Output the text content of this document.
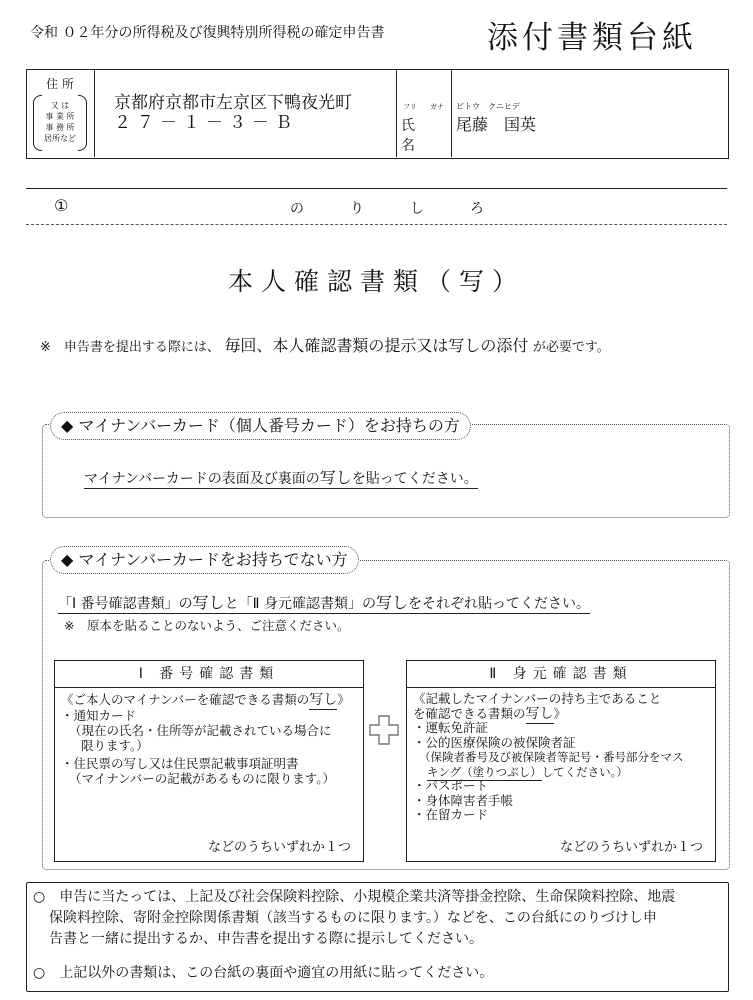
令和 ０２年分の所得税及び復興特別所得税の確定申告書	添付書類台紙
住 所
又 は
事 業 所
事 務 所
居所など
京都府京都市左京区下鴨夜光町
２７－１－３－Ｂ
フリ ガナ
氏 名
ビトウ　クニヒデ
尾藤　国英
①	のりしろ
本人確認書類（写）
※　申告書を提出する際には、 毎回、本人確認書類の提示又は写しの添付 が必要です。
◆ マイナンバーカード（個人番号カード）をお持ちの方
マイナンバーカードの表面及び裏面の写しを貼ってください。
◆ マイナンバーカードをお持ちでない方
「Ⅰ 番号確認書類」の写しと「Ⅱ 身元確認書類」の写しをそれぞれ貼ってください。
※　原本を貼ることのないよう、ご注意ください。
Ⅰ 番号確認書類
《ご本人のマイナンバーを確認できる書類の写し》
・通知カード
（現在の氏名・住所等が記載されている場合に
限ります。）
・住民票の写し又は住民票記載事項証明書
（マイナンバーの記載があるものに限ります。）
などのうちいずれか１つ
Ⅱ 身元確認書類
《記載したマイナンバーの持ち主であること
を確認できる書類の写し》
・運転免許証
・公的医療保険の被保険者証
（保険者番号及び被保険者等記号・番号部分をマス
キング（塗りつぶし）してください。）
・パスポート
・身体障害者手帳
・在留カード
などのうちいずれか１つ
○　申告に当たっては、上記及び社会保険料控除、小規模企業共済等掛金控除、生命保険料控除、地震
保険料控除、寄附金控除関係書類（該当するものに限ります。）などを、この台紙にのりづけし申
告書と一緒に提出するか、申告書を提出する際に提示してください。
○　上記以外の書類は、この台紙の裏面や適宜の用紙に貼ってください。
